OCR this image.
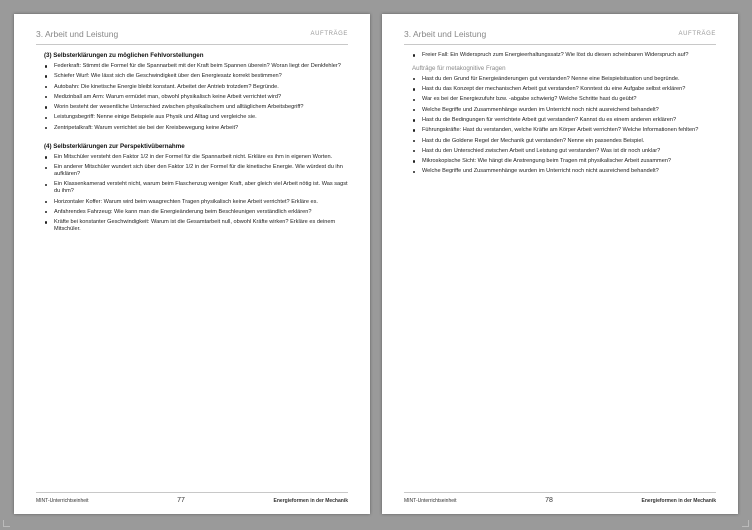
3. Arbeit und Leistung	AUFTRÄGE
(3) Selbsterklärungen zu möglichen Fehlvorstellungen
Federkraft: Stimmt die Formel für die Spannarbeit mit der Kraft beim Spannen überein? Woran liegt der Denkfehler?
Schiefer Wurf: Wie lässt sich die Geschwindigkeit über den Energiesatz korrekt bestimmen?
Autobahn: Die kinetische Energie bleibt konstant. Arbeitet der Antrieb trotzdem? Begründe.
Medizinball am Arm: Warum ermüdet man, obwohl physikalisch keine Arbeit verrichtet wird?
Worin besteht der wesentliche Unterschied zwischen physikalischem und alltäglichem Arbeitsbegriff?
Leistungsbegriff: Nenne einige Beispiele aus Physik und Alltag und vergleiche sie.
Zentripetalkraft: Warum verrichtet sie bei der Kreisbewegung keine Arbeit?
(4) Selbsterklärungen zur Perspektivübernahme
Ein Mitschüler versteht den Faktor 1/2 in der Formel für die Spannarbeit nicht. Erkläre es ihm in eigenen Worten.
Ein anderer Mitschüler wundert sich über den Faktor 1/2 in der Formel für die kinetische Energie. Wie würdest du ihn aufklären?
Ein Klassenkamerad versteht nicht, warum beim Flaschenzug weniger Kraft, aber gleich viel Arbeit nötig ist. Was sagst du ihm?
Horizontaler Koffer: Warum wird beim waagrechten Tragen physikalisch keine Arbeit verrichtet? Erkläre es.
Anfahrendes Fahrzeug: Wie kann man die Energieänderung beim Beschleunigen verständlich erklären?
Kräfte bei konstanter Geschwindigkeit: Warum ist die Gesamtarbeit null, obwohl Kräfte wirken? Erkläre es deinem Mitschüler.
MINT-Unterrichtseinheit	77	Energieformen in der Mechanik
3. Arbeit und Leistung	AUFTRÄGE
Freier Fall: Ein Widerspruch zum Energieerhaltungssatz? Wie löst du diesen scheinbaren Widerspruch auf?
Aufträge für metakognitive Fragen
Hast du den Grund für Energieänderungen gut verstanden? Nenne eine Beispielsituation und begründe.
Hast du das Konzept der mechanischen Arbeit gut verstanden? Konntest du eine Aufgabe selbst erklären?
War es bei der Energiezufuhr bzw. -abgabe schwierig? Welche Schritte hast du geübt?
Welche Begriffe und Zusammenhänge wurden im Unterricht noch nicht ausreichend behandelt?
Hast du die Bedingungen für verrichtete Arbeit gut verstanden? Kannst du es einem anderen erklären?
Führungskräfte: Hast du verstanden, welche Kräfte am Körper Arbeit verrichten? Welche Informationen fehlten?
Hast du die Goldene Regel der Mechanik gut verstanden? Nenne ein passendes Beispiel.
Hast du den Unterschied zwischen Arbeit und Leistung gut verstanden? Was ist dir noch unklar?
Mikroskopische Sicht: Wie hängt die Anstrengung beim Tragen mit physikalischer Arbeit zusammen?
Welche Begriffe und Zusammenhänge wurden im Unterricht noch nicht ausreichend behandelt?
MINT-Unterrichtseinheit	78	Energieformen in der Mechanik
